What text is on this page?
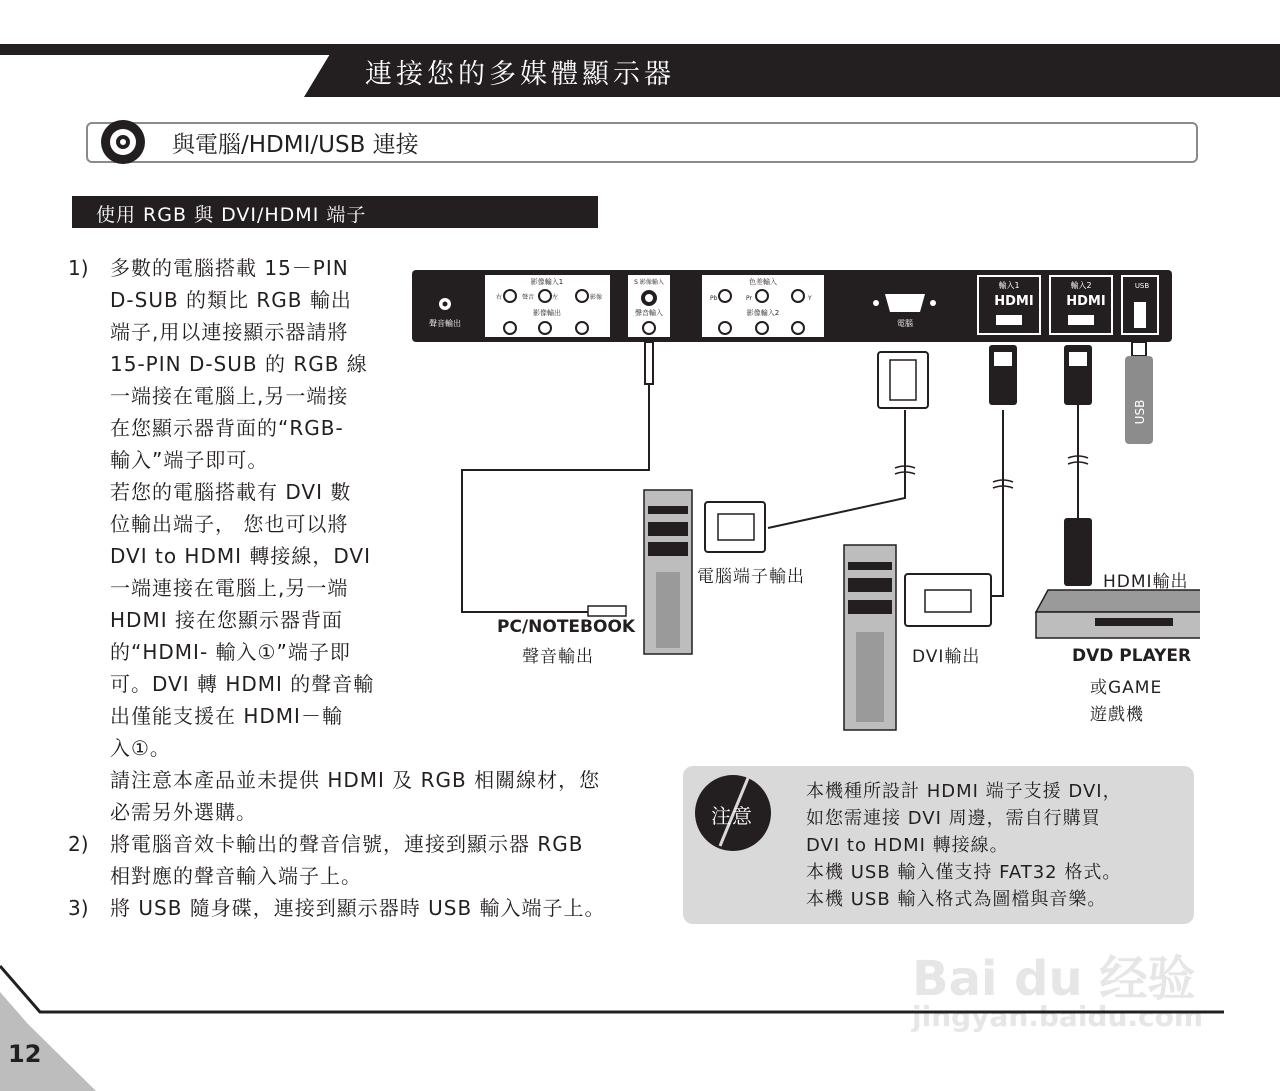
連接您的多媒體顯示器
與電腦/HDMI/USB 連接
使用 RGB 與 DVI/HDMI 端子
1) 多數的電腦搭載 15－PIN
D-SUB 的類比 RGB 輸出
端子,用以連接顯示器請將
15-PIN D-SUB 的 RGB 線
一端接在電腦上,另一端接
在您顯示器背面的“RGB-
輸入”端子即可。
若您的電腦搭載有 DVI 數
位輸出端子， 您也可以將
DVI to HDMI 轉接線，DVI
一端連接在電腦上,另一端
HDMI 接在您顯示器背面
的“HDMI- 輸入①”端子即
可。DVI 轉 HDMI 的聲音輸
出僅能支援在 HDMI－輸
入①。
請注意本產品並未提供 HDMI 及 RGB 相關線材，您
必需另外選購。
2) 將電腦音效卡輸出的聲音信號，連接到顯示器 RGB
相對應的聲音輸入端子上。
3) 將 USB 隨身碟，連接到顯示器時 USB 輸入端子上。
聲音輸出
影像輸入1
影像輸出
右	聲音	左	影像
S 影像輸入
聲音輸入
色差輸入
影像輸入2
Pb	Pr	Y
電腦
輸入1
HDMI
輸入2
HDMI
USB
USB
PC/NOTEBOOK
聲音輸出
電腦端子輸出
DVI輸出
HDMI輸出
DVD PLAYER
或GAME
遊戲機
注意
本機種所設計 HDMI 端子支援 DVI，
如您需連接 DVI 周邊，需自行購買
DVI to HDMI 轉接線。
本機 USB 輸入僅支持 FAT32 格式。
本機 USB 輸入格式為圖檔與音樂。
Bai du 经验
jingyan.baidu.com
12
